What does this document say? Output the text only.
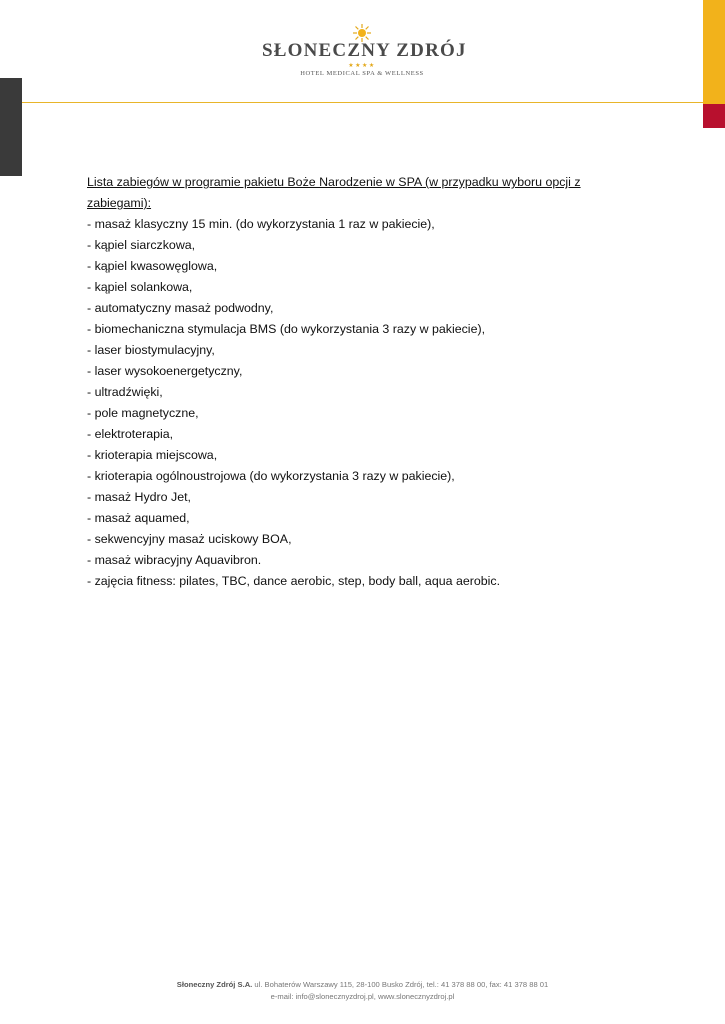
SŁONECZNY ZDRÓJ
★★★★
HOTEL MEDICAL SPA & WELLNESS
Lista zabiegów w programie pakietu Boże Narodzenie w SPA (w przypadku wyboru opcji z zabiegami):
- masaż klasyczny 15 min. (do wykorzystania 1 raz w pakiecie),
- kąpiel siarczkowa,
- kąpiel kwasowęglowa,
- kąpiel solankowa,
- automatyczny masaż podwodny,
- biomechaniczna stymulacja BMS (do wykorzystania 3 razy w pakiecie),
- laser biostymulacyjny,
- laser wysokoenergetyczny,
- ultradźwięki,
- pole magnetyczne,
- elektroterapia,
- krioterapia miejscowa,
- krioterapia ogólnoustrojowa (do wykorzystania 3 razy w pakiecie),
- masaż Hydro Jet,
- masaż aquamed,
- sekwencyjny masaż uciskowy BOA,
- masaż wibracyjny Aquavibron.
- zajęcia fitness: pilates, TBC, dance aerobic, step, body ball, aqua aerobic.
Słoneczny Zdrój S.A. ul. Bohaterów Warszawy 115, 28-100 Busko Zdrój, tel.: 41 378 88 00, fax: 41 378 88 01
e-mail: info@slonecznyzdroj.pl, www.slonecznyzdroj.pl
